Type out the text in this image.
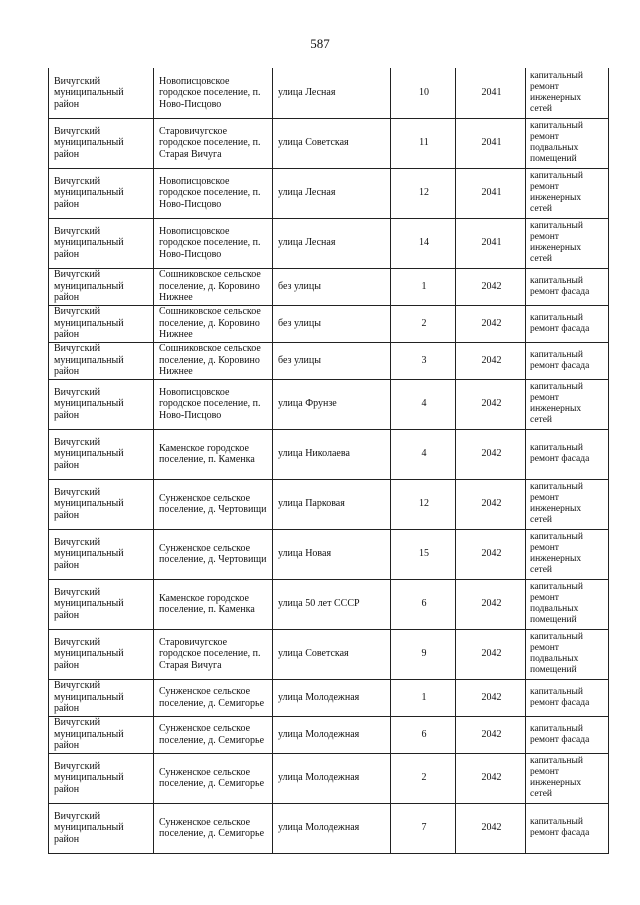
587
Вичугский муниципальный район	Новописцовское городское поселение, п. Ново-Писцово	улица Лесная	10	2041	капитальный ремонт инженерных сетей
Вичугский муниципальный район	Старовичугское городское поселение, п. Старая Вичуга	улица Советская	11	2041	капитальный ремонт подвальных помещений
Вичугский муниципальный район	Новописцовское городское поселение, п. Ново-Писцово	улица Лесная	12	2041	капитальный ремонт инженерных сетей
Вичугский муниципальный район	Новописцовское городское поселение, п. Ново-Писцово	улица Лесная	14	2041	капитальный ремонт инженерных сетей
Вичугский муниципальный район	Сошниковское сельское поселение, д. Коровино Нижнее	без улицы	1	2042	капитальный ремонт фасада
Вичугский муниципальный район	Сошниковское сельское поселение, д. Коровино Нижнее	без улицы	2	2042	капитальный ремонт фасада
Вичугский муниципальный район	Сошниковское сельское поселение, д. Коровино Нижнее	без улицы	3	2042	капитальный ремонт фасада
Вичугский муниципальный район	Новописцовское городское поселение, п. Ново-Писцово	улица Фрунзе	4	2042	капитальный ремонт инженерных сетей
Вичугский муниципальный район	Каменское городское поселение, п. Каменка	улица Николаева	4	2042	капитальный ремонт фасада
Вичугский муниципальный район	Сунженское сельское поселение, д. Чертовищи	улица Парковая	12	2042	капитальный ремонт инженерных сетей
Вичугский муниципальный район	Сунженское сельское поселение, д. Чертовищи	улица Новая	15	2042	капитальный ремонт инженерных сетей
Вичугский муниципальный район	Каменское городское поселение, п. Каменка	улица 50 лет СССР	6	2042	капитальный ремонт подвальных помещений
Вичугский муниципальный район	Старовичугское городское поселение, п. Старая Вичуга	улица Советская	9	2042	капитальный ремонт подвальных помещений
Вичугский муниципальный район	Сунженское сельское поселение, д. Семигорье	улица Молодежная	1	2042	капитальный ремонт фасада
Вичугский муниципальный район	Сунженское сельское поселение, д. Семигорье	улица Молодежная	6	2042	капитальный ремонт фасада
Вичугский муниципальный район	Сунженское сельское поселение, д. Семигорье	улица Молодежная	2	2042	капитальный ремонт инженерных сетей
Вичугский муниципальный район	Сунженское сельское поселение, д. Семигорье	улица Молодежная	7	2042	капитальный ремонт фасада
